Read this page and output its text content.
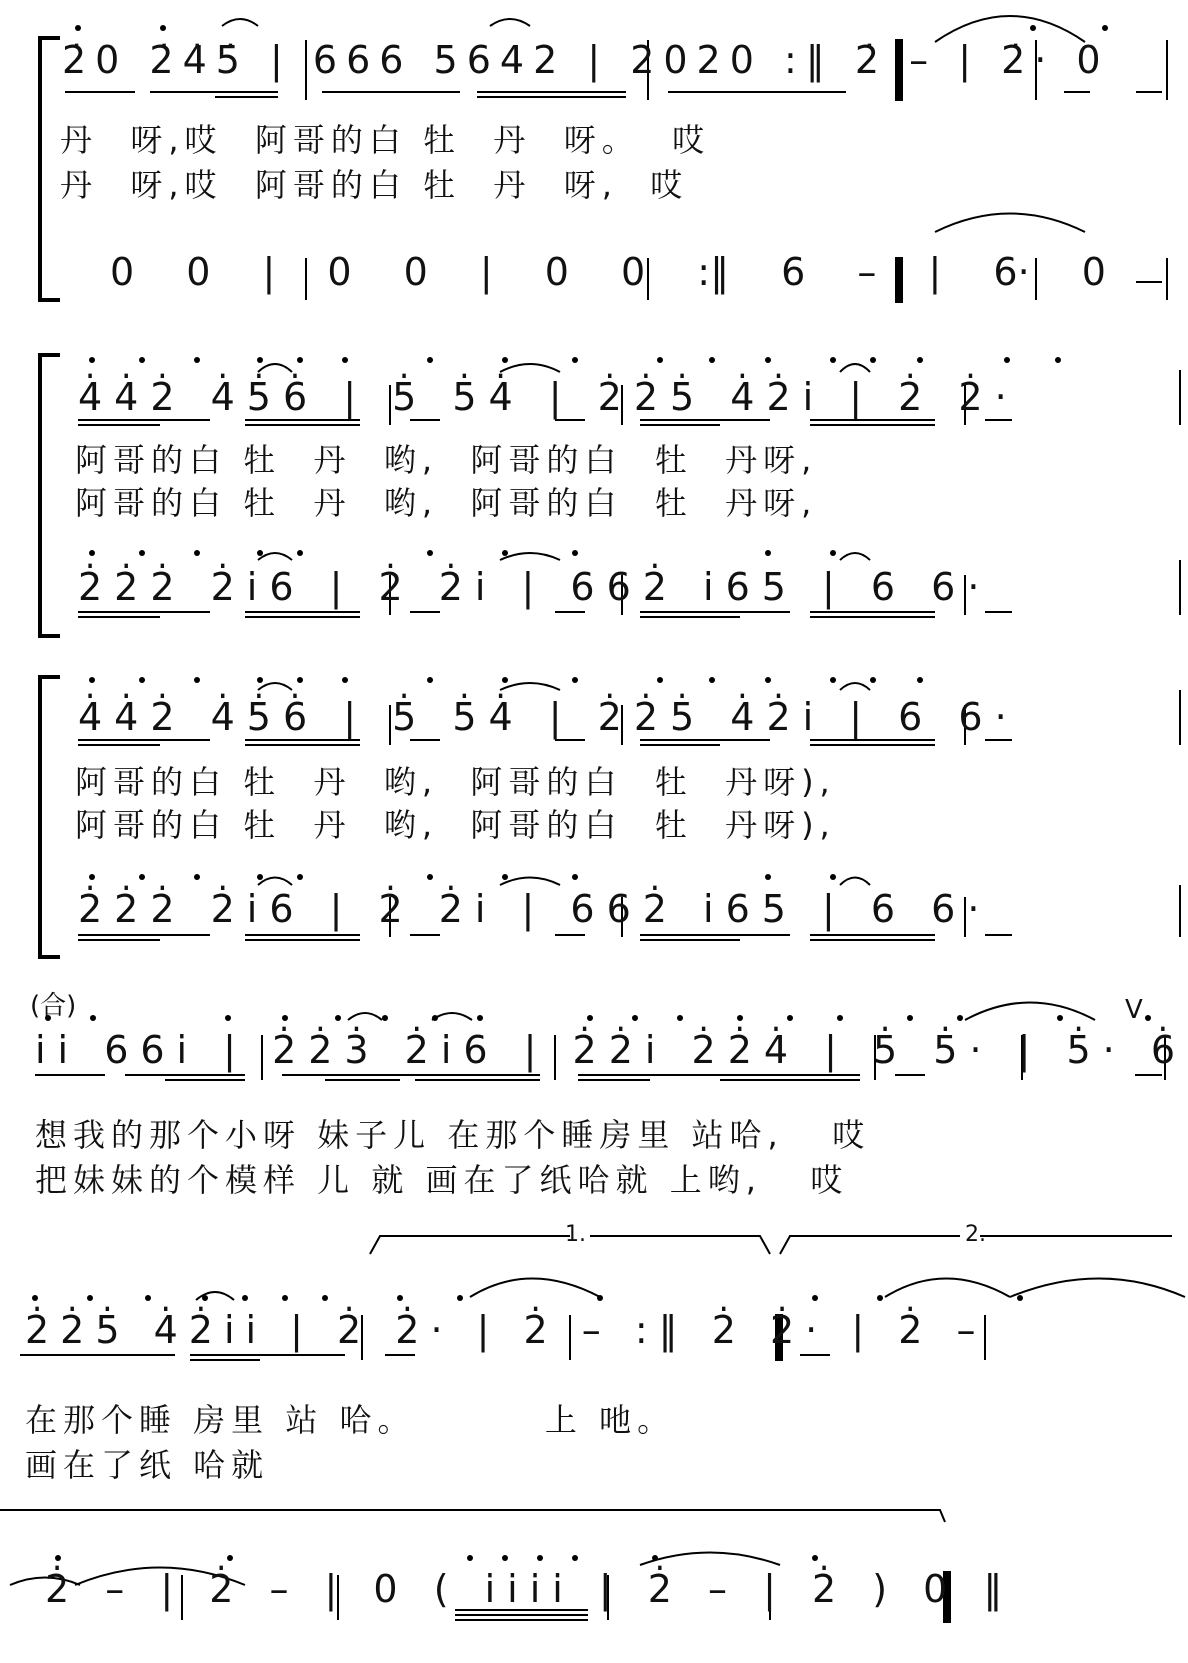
2̇0 2̇4̇5̇ | 666 5642 | 2020 :‖ 2̇ – | 2̇· 0
丹  呀,哎  阿哥的白 牡  丹  呀。  哎
丹  呀,哎  阿哥的白 牡  丹  呀,  哎
0 0 | 0 0 | 0 0 :‖ 6 – | 6· 0
4̇4̇2̇ 4̇5̇6̇ | 5̇ 5̇4̇ | 2̇2̇5̇ 4̇2̇i | 2̇ 2̇·
阿哥的白 牡  丹  哟,  阿哥的白  牡  丹呀,
阿哥的白 牡  丹  哟,  阿哥的白  牡  丹呀,
2̇2̇2̇ 2̇i6 | 2̇ 2̇i | 662̇ i65 | 6 6·
4̇4̇2̇ 4̇5̇6̇ | 5̇ 5̇4̇ | 2̇2̇5̇ 4̇2̇i | 6 6·
阿哥的白 牡  丹  哟,  阿哥的白  牡  丹呀),
阿哥的白 牡  丹  哟,  阿哥的白  牡  丹呀),
2̇2̇2̇ 2̇i6 | 2̇ 2̇i | 662̇ i65 | 6 6·
(合)
ii 66i | 2̇2̇3̇ 2̇i6 | 2̇2̇i 2̇2̇4̇ | 5̇ 5̇· | 5̇· 6̇
想我的那个小呀 妹子儿 在那个睡房里 站哈,   哎
把妹妹的个模样 儿 就 画在了纸哈就 上哟,   哎
V
1.	2.
2̇2̇5̇ 4̇2̇ii | 2̇ 2̇· | 2̇ – :‖ 2̇ 2̇· | 2̇ –
在那个睡 房里 站 哈。        上 吔。
画在了纸 哈就
2̇ – | 2̇ – | 0 ( iiii | 2̇ – | 2̇ ) 0 ‖
